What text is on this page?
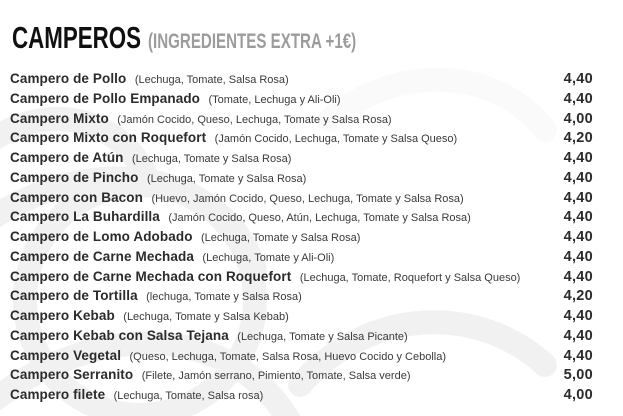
CAMPEROS (INGREDIENTES EXTRA +1€)
Campero de Pollo (Lechuga, Tomate, Salsa Rosa)	4,40
Campero de Pollo Empanado (Tomate, Lechuga y Ali-Oli)	4,40
Campero Mixto (Jamón Cocido, Queso, Lechuga, Tomate y Salsa Rosa)	4,00
Campero Mixto con Roquefort (Jamón Cocido, Lechuga, Tomate y Salsa Queso)	4,20
Campero de Atún (Lechuga, Tomate y Salsa Rosa)	4,40
Campero de Pincho (Lechuga, Tomate y Salsa Rosa)	4,40
Campero con Bacon (Huevo, Jamón Cocido, Queso, Lechuga, Tomate y Salsa Rosa)	4,40
Campero La Buhardilla (Jamón Cocido, Queso, Atún, Lechuga, Tomate y Salsa Rosa)	4,40
Campero de Lomo Adobado (Lechuga, Tomate y Salsa Rosa)	4,40
Campero de Carne Mechada (Lechuga, Tomate y Ali-Oli)	4,40
Campero de Carne Mechada con Roquefort (Lechuga, Tomate, Roquefort y Salsa Queso)	4,40
Campero de Tortilla (lechuga, Tomate y Salsa Rosa)	4,20
Campero Kebab (Lechuga, Tomate y Salsa Kebab)	4,40
Campero Kebab con Salsa Tejana (Lechuga, Tomate y Salsa Picante)	4,40
Campero Vegetal (Queso, Lechuga, Tomate, Salsa Rosa, Huevo Cocido y Cebolla)	4,40
Campero Serranito (Filete, Jamón serrano, Pimiento, Tomate, Salsa verde)	5,00
Campero filete (Lechuga, Tomate, Salsa rosa)	4,00
